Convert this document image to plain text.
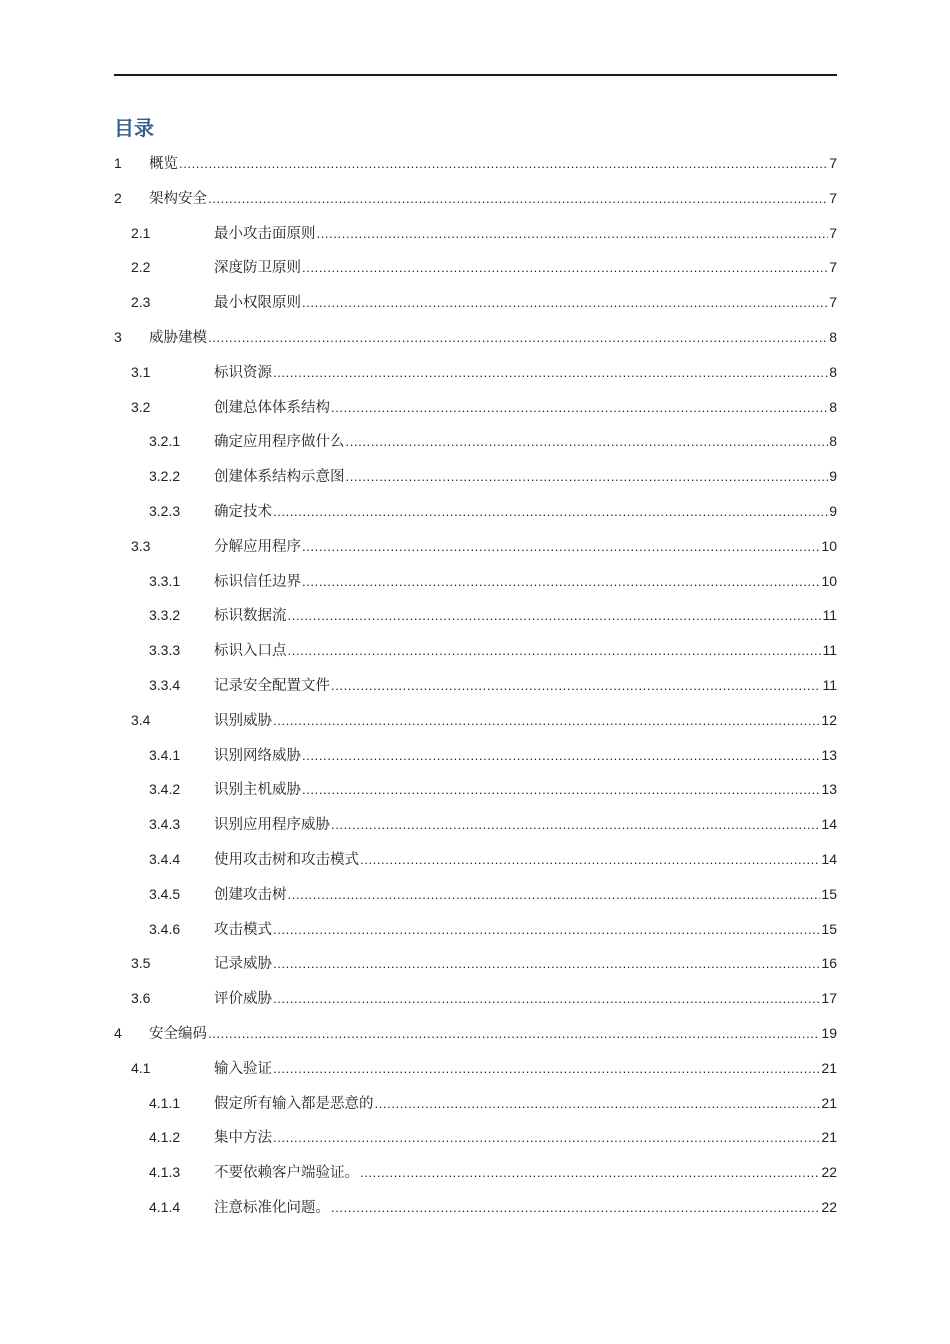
目录
1	概览 .....	7
2	架构安全 .....	7
2.1	最小攻击面原则 .....	7
2.2	深度防卫原则 .....	7
2.3	最小权限原则 .....	7
3	威胁建模 .....	8
3.1	标识资源 .....	8
3.2	创建总体体系结构 .....	8
3.2.1	确定应用程序做什么 .....	8
3.2.2	创建体系结构示意图 .....	9
3.2.3	确定技术 .....	9
3.3	分解应用程序 .....	10
3.3.1	标识信任边界 .....	10
3.3.2	标识数据流 .....	11
3.3.3	标识入口点 .....	11
3.3.4	记录安全配置文件 .....	11
3.4	识别威胁 .....	12
3.4.1	识别网络威胁 .....	13
3.4.2	识别主机威胁 .....	13
3.4.3	识别应用程序威胁 .....	14
3.4.4	使用攻击树和攻击模式 .....	14
3.4.5	创建攻击树 .....	15
3.4.6	攻击模式 .....	15
3.5	记录威胁 .....	16
3.6	评价威胁 .....	17
4	安全编码 .....	19
4.1	输入验证 .....	21
4.1.1	假定所有输入都是恶意的 .....	21
4.1.2	集中方法 .....	21
4.1.3	不要依赖客户端验证。 .....	22
4.1.4	注意标准化问题。 .....	22
